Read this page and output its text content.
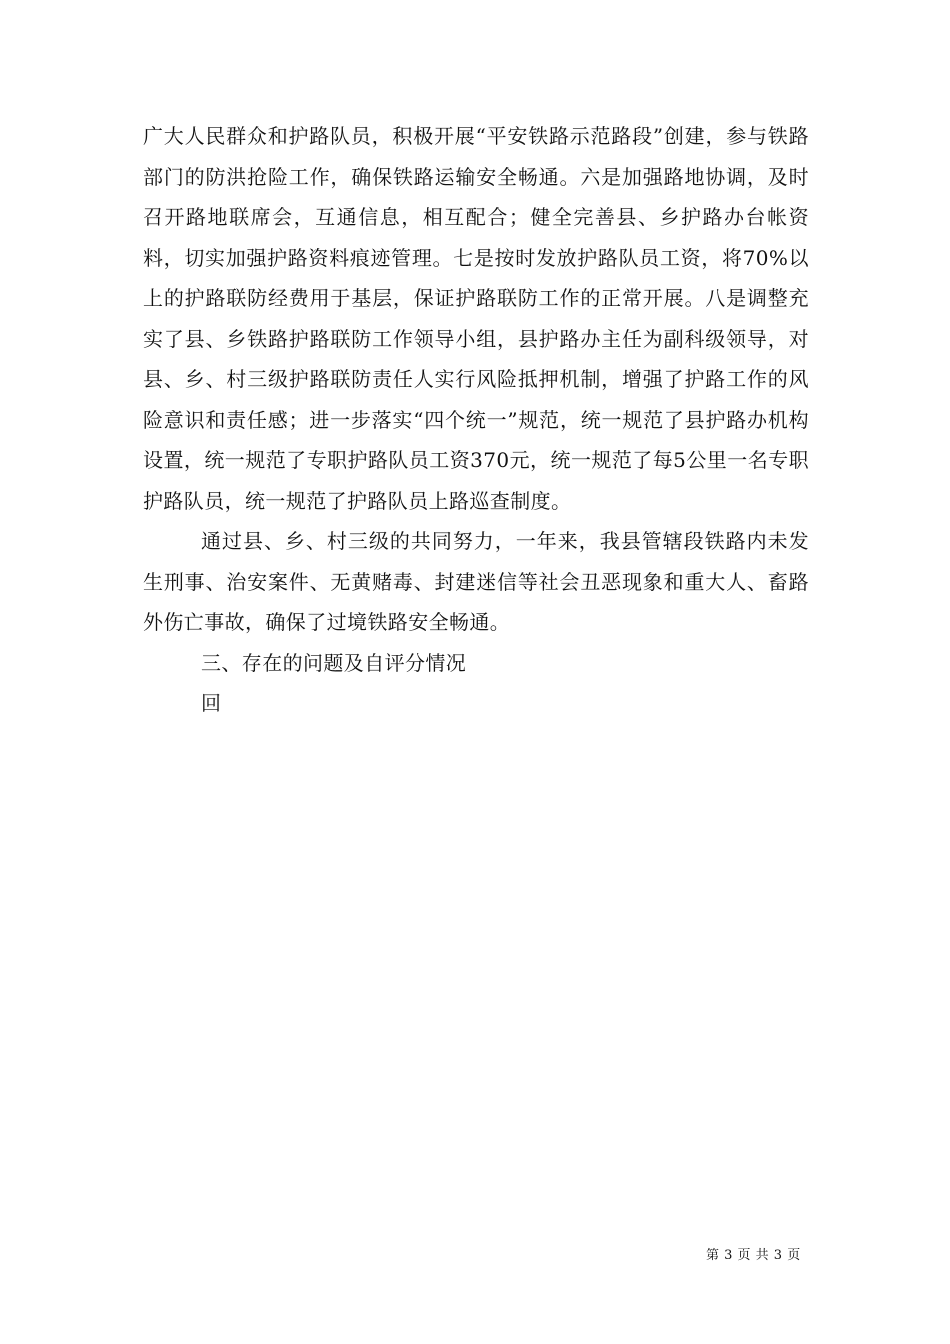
广大人民群众和护路队员，积极开展“平安铁路示范路段”创建，参与铁路部门的防洪抢险工作，确保铁路运输安全畅通。六是加强路地协调，及时召开路地联席会，互通信息，相互配合；健全完善县、乡护路办台帐资料，切实加强护路资料痕迹管理。七是按时发放护路队员工资，将70%以上的护路联防经费用于基层，保证护路联防工作的正常开展。八是调整充实了县、乡铁路护路联防工作领导小组，县护路办主任为副科级领导，对县、乡、村三级护路联防责任人实行风险抵押机制，增强了护路工作的风险意识和责任感；进一步落实“四个统一”规范，统一规范了县护路办机构设置，统一规范了专职护路队员工资370元，统一规范了每5公里一名专职护路队员，统一规范了护路队员上路巡查制度。

通过县、乡、村三级的共同努力，一年来，我县管辖段铁路内未发生刑事、治安案件、无黄赌毒、封建迷信等社会丑恶现象和重大人、畜路外伤亡事故，确保了过境铁路安全畅通。

三、存在的问题及自评分情况

回

第 3 页 共 3 页
